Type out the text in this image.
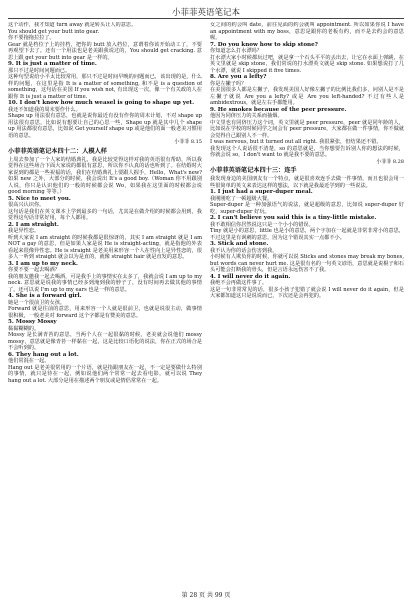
小菲菲英语笔记本

这个动作，我才知道 turn away 就是转头让人的意思。

You should get your butt into gear.

你不要拖拖拉拉了。

Gear 就是档位子上的挂档，把你的 butt 放入档位，意谓着你该开始动工了，不要再观望下去了。还有一个用法也是老美跟我说过的，You should get cracking. 意思上跟 get your butt into gear 是一样的。

9. It is just a matter of time.

那只不过是时间问题而已。

这种句型说给小平太比较常用，那只不过是时间早晚的问题而已，该出现的是，什么样的问题，在这里是指 It is a matter of something, 和不是 is a question of something，这句话在美国 If you wish not, 有出现这一次，像一个有关政的人在跟你 It is just a matter of time.

10. I don't know how much weasel is going to shape up yet.

我还不知道我的周末要作什么。

Shape up 用法很有意思，也就是说你最近有没有作你的周末计划，不对 shape up 用法很有意思，比如说有想要让自己的心思一些，Shape up 就是其中几个 shape up 用法都很有意思，比如说 Get yourself shape up 或是他们的面一般老美习惯用语的意思。

小菲菲 8.15

小菲菲英语笔记本四十二：人模人样

上周去参加了一个人家的结婚典礼，我是比较觉得这样对我的英语很有帮助，所以我觉得在这些场合下面大家说的都很有意思，所以你不认真的话也听到了。在结婚时大家说到的都是一些祝福的话，我们在结婚典礼上要跟人握手，Hello，What's new? 如果 new 之外，大部分的时候，我会说出 It's a good boy.（Woman 你不用跟别人说，你只是认识他们的一般的时候都会说 Wo，如果我在这里面的时候都会说 good morning 等等。）

5. Nice to meet you.

很高兴认识你。

这句话是我们在英文课本上学到最多的一句话，尤其是在做介绍的时候都会用到，我觉得这句话非常好用，每个人都用。

2. I am straight.

我是异性恋。

听到大家说 I am straight 的时候我都是很惊讶的，其实 I am straight 就是 I am NOT a gay 的意思，但是如果人家是说 He is straight-acting，就是指他的外表看起来很像异性恋。He is straight 是老美用来形容一个人在性向上是异性恋的，很多人一听到 straight 就会以为是直的，就像 straight hair 就是直发的意思。

3. I am up to my neck.

你要不要一起去喝酒？

我的朋友邀我一起去喝酒，可是我手上的事情实在太多了，我就会说 I am up to my neck. 意思就是说我的事情已经多到淹到我的脖子了，没有时间再去做其他的事情了。还可以说 I'm up to my ears 也是一样的意思。

4. She is a forward girl.

她是一个很前卫的女孩。

Forward 就是往前的意思，用来形容一个人就是很前卫，也就是说很主动，做事情很积极，一般老美对 forward 这个字都是有赞美的意思。

5. Mossy Mossy

黏黏糊糊的。

Mossy 是长满青苔的意思，当两个人在一起很黏的时候，老美就会说他们 mossy mossy，意思就是像青苔一样黏在一起，这是比较口语化的说法，你在正式的场合是不会听到的。

6. They hang out a lot.

他们常混在一起。

Hang out 是老美很常用的一个片语，就是指跟朋友在一起，不一定是要做什么特别的事情，就只是待在一起，例如说他们两个常常一起去看电影，就可以说 They hang out a lot. 大部分是用在描述两个朋友或是情侣常常在一起。

女之间的约会叫 date，前往见面的约会就叫 appointment. 所以如果你说 I have an appointment with my boss，意思是跟你的老板有约，而不是去约会的意思喔。

7. Do you know how to skip stone?

你知道怎么打水漂吗？

打水漂大家小时候都玩过吧，就是拿一个石头平平的丢出去，让它在水面上弹跳，在英文里就是 skip stone，我们常说的打水漂英文就是 skip stone. 如果想说打了几个水漂，就说 I skipped it five times.

8. Are you a lefty?

你是左撇子吗？

在美国很多人都是左撇子，我发现美国人好像左撇子的比例比我们多，问别人是不是左撇子就说 Are you a lefty? 或是 Are you left-handed? 不过有些人是 ambidextrous，就是左右手都能用。

9. He smokes because of the peer pressure.

他因为同侪压力的关系而抽烟。

中文里也有同侪压力这个词，英文里就是 peer pressure，peer 就是同年龄的人，比如说在学校的时候同学之间会有 peer pressure，大家都在做一件事情，你不做就会觉得自己跟别人不一样。

I was nervous, but it turned out all right. 我很紧张，但结果还不错。

我发现这个人说话很不清楚，so 的意思就是，当你想要告诉别人你的想法的时候，你就会说 so，I don't want to 就是我不要的意思。

小菲菲 8.28

小菲菲英语笔记本四十三：连手

我发现身边的美国朋友有一个特点，就是很喜欢连手去做一件事情，而且也很会用一些很简单的英文来表达这样的想法，以下就是我最近学到的一些说法。

1. I just had a super-duper meal.

我刚刚吃了一顿超级大餐。

Super-duper 是一种加强语气的说法，就是超级的意思，比如说 super-duper 好吃，super-duper 好玩。

2. I can't believe you said this is a tiny-little mistake.

我不敢相信你居然说这只是一个小小的错误。

Tiny 就是小的意思，little 也是小的意思，两个字加在一起就是非常非常小的意思，不过这里是有讽刺的意思，因为这个错误其实一点都不小。

3. Stick and stone.

我不认为你的话会伤害到我。

小时候有人欺负你的时候，你就可以说 Sticks and stones may break my bones, but words can never hurt me. 这是很有名的一句英文谚语，意思就是说棍子和石头可能会打断我的骨头，但是言语永远伤害不了我。

4. I will never do it again.

我绝不会再做这件事了。

这是一句非常常见的话，很多小孩子犯错了就会说 I will never do it again，但是大家都知道这只是说说而已，下次还是会再犯的。

第 28 页 共 99 页
